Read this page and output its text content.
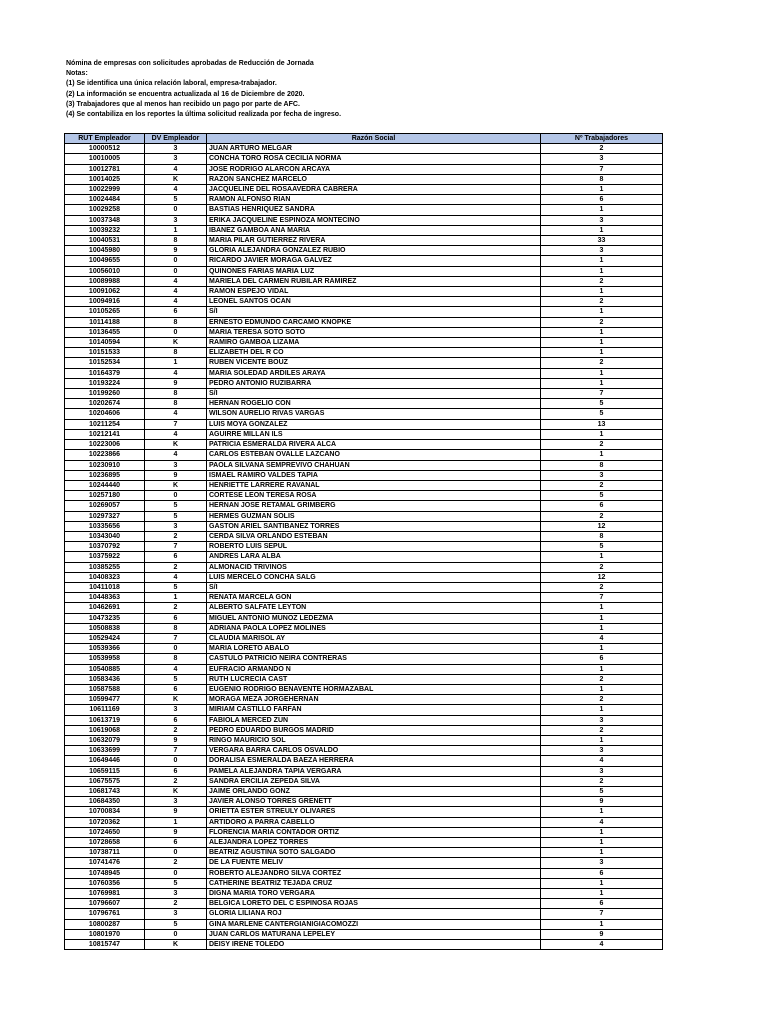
Nómina de empresas con solicitudes aprobadas de Reducción de Jornada
Notas:
(1) Se identifica una única relación laboral, empresa-trabajador.
(2) La información se encuentra actualizada al 16 de Diciembre de 2020.
(3) Trabajadores que al menos han recibido un pago por parte de AFC.
(4) Se contabiliza en los reportes la última solicitud realizada por fecha de ingreso.
RUT Empleador	DV Empleador	Razón Social	Nº Trabajadores
10000512	3	JUAN ARTURO MELGAR	2
10010005	3	CONCHA TORO ROSA CECILIA NORMA	3
10012781	4	JOSE RODRIGO ALARCON ARCAYA	7
10014025	K	RAZON SANCHEZ MARCELO	8
10022999	4	JACQUELINE DEL ROSAAVEDRA CABRERA	1
10024484	5	RAMON ALFONSO RIAN	6
10029258	0	BASTIAS HENRIQUEZ SANDRA	1
10037348	3	ERIKA JACQUELINE ESPINOZA MONTECINO	3
10039232	1	IBANEZ GAMBOA ANA MARIA	1
10040531	8	MARIA PILAR GUTIERREZ RIVERA	33
10045980	9	GLORIA ALEJANDRA GONZALEZ RUBIO	3
10049655	0	RICARDO JAVIER MORAGA GALVEZ	1
10056010	0	QUINONES FARIAS MARIA LUZ	1
10089988	4	MARIELA DEL CARMEN RUBILAR RAMIREZ	2
10091062	4	RAMON ESPEJO VIDAL	1
10094916	4	LEONEL SANTOS OCAN	2
10105265	6	S/I	1
10114188	8	ERNESTO EDMUNDO CARCAMO KNOPKE	2
10136455	0	MARIA TERESA SOTO SOTO	1
10140594	K	RAMIRO GAMBOA LIZAMA	1
10151533	8	ELIZABETH DEL R CO	1
10152534	1	RUBEN VICENTE BOUZ	2
10164379	4	MARIA SOLEDAD ARDILES ARAYA	1
10193224	9	PEDRO ANTONIO RUZIBARRA	1
10199260	8	S/I	7
10202674	8	HERNAN ROGELIO CON	5
10204606	4	WILSON AURELIO RIVAS VARGAS	5
10211254	7	LUIS MOYA GONZALEZ	13
10212141	4	AGUIRRE MILLAN ILS	1
10223006	K	PATRICIA ESMERALDA RIVERA ALCA	2
10223866	4	CARLOS ESTEBAN OVALLE LAZCANO	1
10230910	3	PAOLA SILVANA SEMPREVIVO CHAHUAN	8
10236895	9	ISMAEL RAMIRO VALDES TAPIA	3
10244440	K	HENRIETTE LARRERE RAVANAL	2
10257180	0	CORTESE LEON TERESA ROSA	5
10269057	5	HERNAN JOSE RETAMAL GRIMBERG	6
10297327	5	HERMES GUZMAN SOLIS	2
10335656	3	GASTON ARIEL SANTIBANEZ TORRES	12
10343040	2	CERDA SILVA ORLANDO ESTEBAN	8
10370792	7	ROBERTO LUIS SEPUL	5
10375922	6	ANDRES LARA ALBA	1
10385255	2	ALMONACID TRIVINOS	2
10408323	4	LUIS MERCELO CONCHA SALG	12
10411018	5	S/I	2
10448363	1	RENATA MARCELA GON	7
10462691	2	ALBERTO SALFATE LEYTON	1
10473235	6	MIGUEL ANTONIO MUNOZ LEDEZMA	1
10508838	8	ADRIANA PAOLA LOPEZ MOLINES	1
10529424	7	CLAUDIA MARISOL AY	4
10539366	0	MARIA LORETO ABALO	1
10539958	8	CASTULO PATRICIO NEIRA CONTRERAS	6
10540885	4	EUFRACIO ARMANDO N	1
10583436	5	RUTH LUCRECIA CAST	2
10587588	6	EUGENIO RODRIGO BENAVENTE HORMAZABAL	1
10599477	K	MORAGA MEZA JORGEHERNAN	2
10611169	3	MIRIAM CASTILLO FARFAN	1
10613719	6	FABIOLA MERCED ZUN	3
10619068	2	PEDRO EDUARDO BURGOS MADRID	2
10632079	9	RINGO MAURICIO SOL	1
10633699	7	VERGARA BARRA CARLOS OSVALDO	3
10649446	0	DORALISA ESMERALDA BAEZA HERRERA	4
10659115	6	PAMELA ALEJANDRA TAPIA VERGARA	3
10675575	2	SANDRA ERCILIA ZEPEDA SILVA	2
10681743	K	JAIME ORLANDO GONZ	5
10684350	3	JAVIER ALONSO TORRES GRENETT	9
10700834	9	ORIETTA ESTER STREULY OLIVARES	1
10720362	1	ARTIDORO A PARRA CABELLO	4
10724650	9	FLORENCIA MARIA CONTADOR ORTIZ	1
10728658	6	ALEJANDRA LOPEZ TORRES	1
10738711	0	BEATRIZ AGUSTINA SOTO SALGADO	1
10741476	2	DE LA FUENTE MELIV	3
10748945	0	ROBERTO ALEJANDRO SILVA CORTEZ	6
10760356	5	CATHERINE BEATRIZ TEJADA CRUZ	1
10769981	3	DIGNA MARIA TORO VERGARA	1
10796607	2	BELGICA LORETO DEL C ESPINOSA ROJAS	6
10796761	3	GLORIA LILIANA ROJ	7
10800287	5	GINA MARLENE CANTERGIANIGIACOMOZZI	1
10801970	0	JUAN CARLOS MATURANA LEPELEY	9
10815747	K	DEISY IRENE TOLEDO	4
